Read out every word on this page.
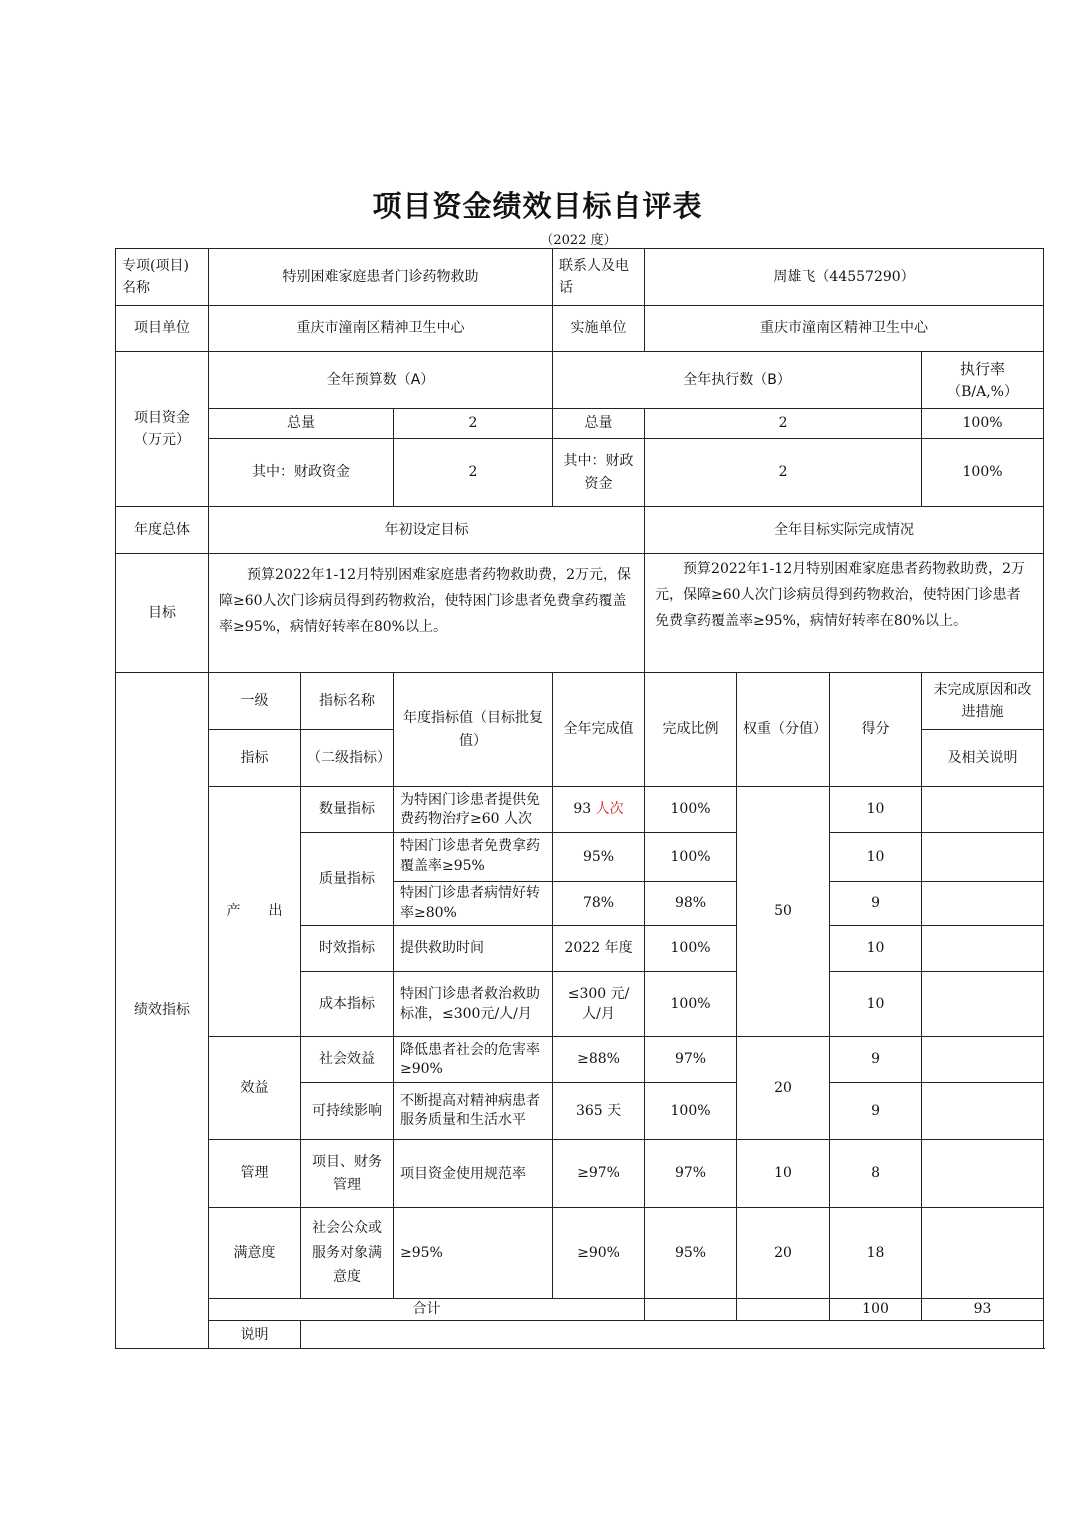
项目资金绩效目标自评表
（2022 度）
专项(项目)名称	特别困难家庭患者门诊药物救助			联系人及电话	周雄飞（44557290）				
项目单位	重庆市潼南区精神卫生中心			实施单位	重庆市潼南区精神卫生中心				
项目资金（万元）	全年预算数（A）			全年执行数（B）				执行率
（B/A,%）	

	总量		2	总量	2			100%	
	其中：财政资金		2	其中：财政资金	2			100%	
年度总体	年初设定目标				全年目标实际完成情况				
目标	预算2022年1-12月特别困难家庭患者药物救助费，2万元，保障≥60人次门诊病员得到药物救治，使特困门诊患者免费拿药覆盖率≥95%，病情好转率在80%以上。				预算2022年1-12月特别困难家庭患者药物救助费，2万元，保障≥60人次门诊病员得到药物救治，使特困门诊患者免费拿药覆盖率≥95%，病情好转率在80%以上。				
绩效指标	一级	指标名称	年度指标值（目标批复值）	全年完成值	完成比例	权重（分值）	得分	未完成原因和改进措施	
	指标	（二级指标）						及相关说明	
	产　　出	数量指标	为特困门诊患者提供免费药物治疗≥60 人次	93 人次	100%	50	10		
		质量指标	特困门诊患者免费拿药覆盖率≥95%	95%	100%		10		
			特困门诊患者病情好转率≥80%	78%	98%		9		
		时效指标	提供救助时间	2022 年度	100%		10		
		成本指标	特困门诊患者救治救助标准，≤300元/人/月	≤300 元/人/月	100%		10		
	效益	社会效益	降低患者社会的危害率≥90%	≥88%	97%	20	9		
		可持续影响	不断提高对精神病患者服务质量和生活水平	365 天	100%		9		
	管理	项目、财务管理	项目资金使用规范率	≥97%	97%	10	8		
	满意度	社会公众或服务对象满意度	≥95%	≥90%	95%	20	18		
	合计						100	93	
	说明								
